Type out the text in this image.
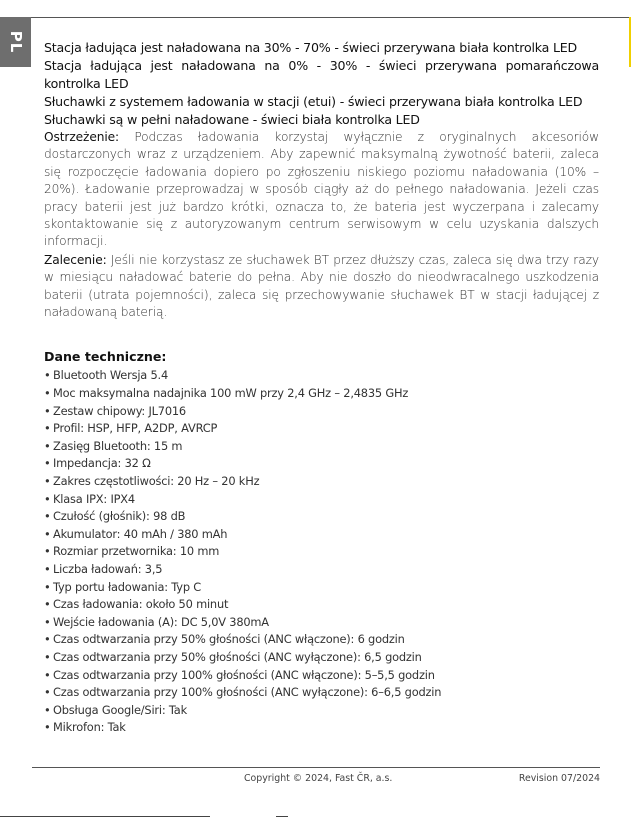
PL Stacja ładująca jest naładowana na 30% - 70% - świeci przerywana biała kontrolka LED

Stacja ładująca jest naładowana na 0% - 30% - świeci przerywana pomarańczowa kontrolka LED

Słuchawki z systemem ładowania w stacji (etui) - świeci przerywana biała kontrolka LED

Słuchawki są w pełni naładowane - świeci biała kontrolka LED

Ostrzeżenie: Podczas ładowania korzystaj wyłącznie z oryginalnych akcesoriów dostarczonych wraz z urządzeniem. Aby zapewnić maksymalną żywotność baterii, zaleca się rozpoczęcie ładowania dopiero po zgłoszeniu niskiego poziomu naładowania (10% – 20%). Ładowanie przeprowadzaj w sposób ciągły aż do pełnego naładowania. Jeżeli czas pracy baterii jest już bardzo krótki, oznacza to, że bateria jest wyczerpana i zalecamy skontaktowanie się z autoryzowanym centrum serwisowym w celu uzyskania dalszych informacji.

Zalecenie: Jeśli nie korzystasz ze słuchawek BT przez dłuższy czas, zaleca się dwa trzy razy w miesiącu naładować baterie do pełna. Aby nie doszło do nieodwracalnego uszkodzenia baterii (utrata pojemności), zaleca się przechowywanie słuchawek BT w stacji ładującej z naładowaną baterią.

Dane techniczne:
• Bluetooth Wersja 5.4
• Moc maksymalna nadajnika 100 mW przy 2,4 GHz – 2,4835 GHz
• Zestaw chipowy: JL7016
• Profil: HSP, HFP, A2DP, AVRCP
• Zasięg Bluetooth: 15 m
• Impedancja: 32 Ω
• Zakres częstotliwości: 20 Hz – 20 kHz
• Klasa IPX: IPX4
• Czułość (głośnik): 98 dB
• Akumulator: 40 mAh / 380 mAh
• Rozmiar przetwornika: 10 mm
• Liczba ładowań: 3,5
• Typ portu ładowania: Typ C
• Czas ładowania: około 50 minut
• Wejście ładowania (A): DC 5,0V 380mA
• Czas odtwarzania przy 50% głośności (ANC włączone): 6 godzin
• Czas odtwarzania przy 50% głośności (ANC wyłączone): 6,5 godzin
• Czas odtwarzania przy 100% głośności (ANC włączone): 5–5,5 godzin
• Czas odtwarzania przy 100% głośności (ANC wyłączone): 6–6,5 godzin
• Obsługa Google/Siri: Tak
• Mikrofon: Tak
Copyright © 2024, Fast ČR, a.s.	Revision 07/2024
